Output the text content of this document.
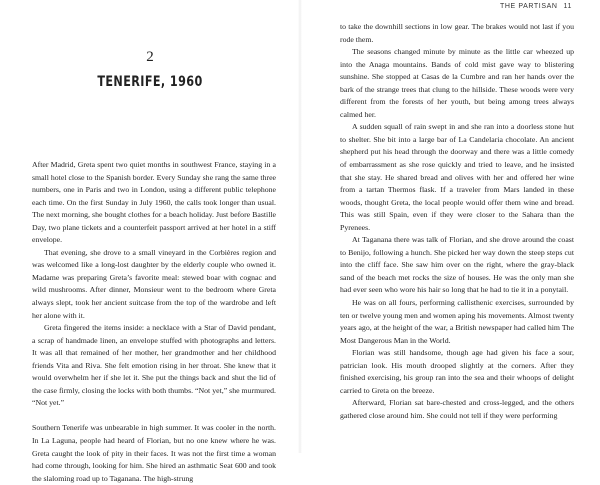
2
TENERIFE, 1960

After Madrid, Greta spent two quiet months in southwest France, staying in a small hotel close to the Spanish border. Every Sunday she rang the same three numbers, one in Paris and two in London, using a different public telephone each time. On the first Sunday in July 1960, the calls took longer than usual. The next morning, she bought clothes for a beach holiday. Just before Bastille Day, two plane tickets and a counterfeit passport arrived at her hotel in a stiff envelope.

That evening, she drove to a small vineyard in the Corbières region and was welcomed like a long-lost daughter by the elderly couple who owned it. Madame was preparing Greta’s favorite meal: stewed boar with cognac and wild mushrooms. After dinner, Monsieur went to the bedroom where Greta always slept, took her ancient suitcase from the top of the wardrobe and left her alone with it.

Greta fingered the items inside: a necklace with a Star of David pendant, a scrap of handmade linen, an envelope stuffed with photographs and letters. It was all that remained of her mother, her grandmother and her childhood friends Vita and Riva. She felt emotion rising in her throat. She knew that it would overwhelm her if she let it. She put the things back and shut the lid of the case firmly, closing the locks with both thumbs. “Not yet,” she murmured. “Not yet.”

Southern Tenerife was unbearable in high summer. It was cooler in the north. In La Laguna, people had heard of Florian, but no one knew where he was. Greta caught the look of pity in their faces. It was not the first time a woman had come through, looking for him. She hired an asthmatic Seat 600 and took the slaloming road up to Taganana. The high-strung

THE PARTISAN 11

to take the downhill sections in low gear. The brakes would not last if you rode them.

The seasons changed minute by minute as the little car wheezed up into the Anaga mountains. Bands of cold mist gave way to blistering sunshine. She stopped at Casas de la Cumbre and ran her hands over the bark of the strange trees that clung to the hillside. These woods were very different from the forests of her youth, but being among trees always calmed her.

A sudden squall of rain swept in and she ran into a doorless stone hut to shelter. She bit into a large bar of La Candelaria chocolate. An ancient shepherd put his head through the doorway and there was a little comedy of embarrassment as she rose quickly and tried to leave, and he insisted that she stay. He shared bread and olives with her and offered her wine from a tartan Thermos flask. If a traveler from Mars landed in these woods, thought Greta, the local people would offer them wine and bread. This was still Spain, even if they were closer to the Sahara than the Pyrenees.

At Taganana there was talk of Florian, and she drove around the coast to Benijo, following a hunch. She picked her way down the steep steps cut into the cliff face. She saw him over on the right, where the gray-black sand of the beach met rocks the size of houses. He was the only man she had ever seen who wore his hair so long that he had to tie it in a ponytail.

He was on all fours, performing callisthenic exercises, surrounded by ten or twelve young men and women aping his movements. Almost twenty years ago, at the height of the war, a British newspaper had called him The Most Dangerous Man in the World.

Florian was still handsome, though age had given his face a sour, patrician look. His mouth drooped slightly at the corners. After they finished exercising, his group ran into the sea and their whoops of delight carried to Greta on the breeze.

Afterward, Florian sat bare-chested and cross-legged, and the others gathered close around him. She could not tell if they were performing
